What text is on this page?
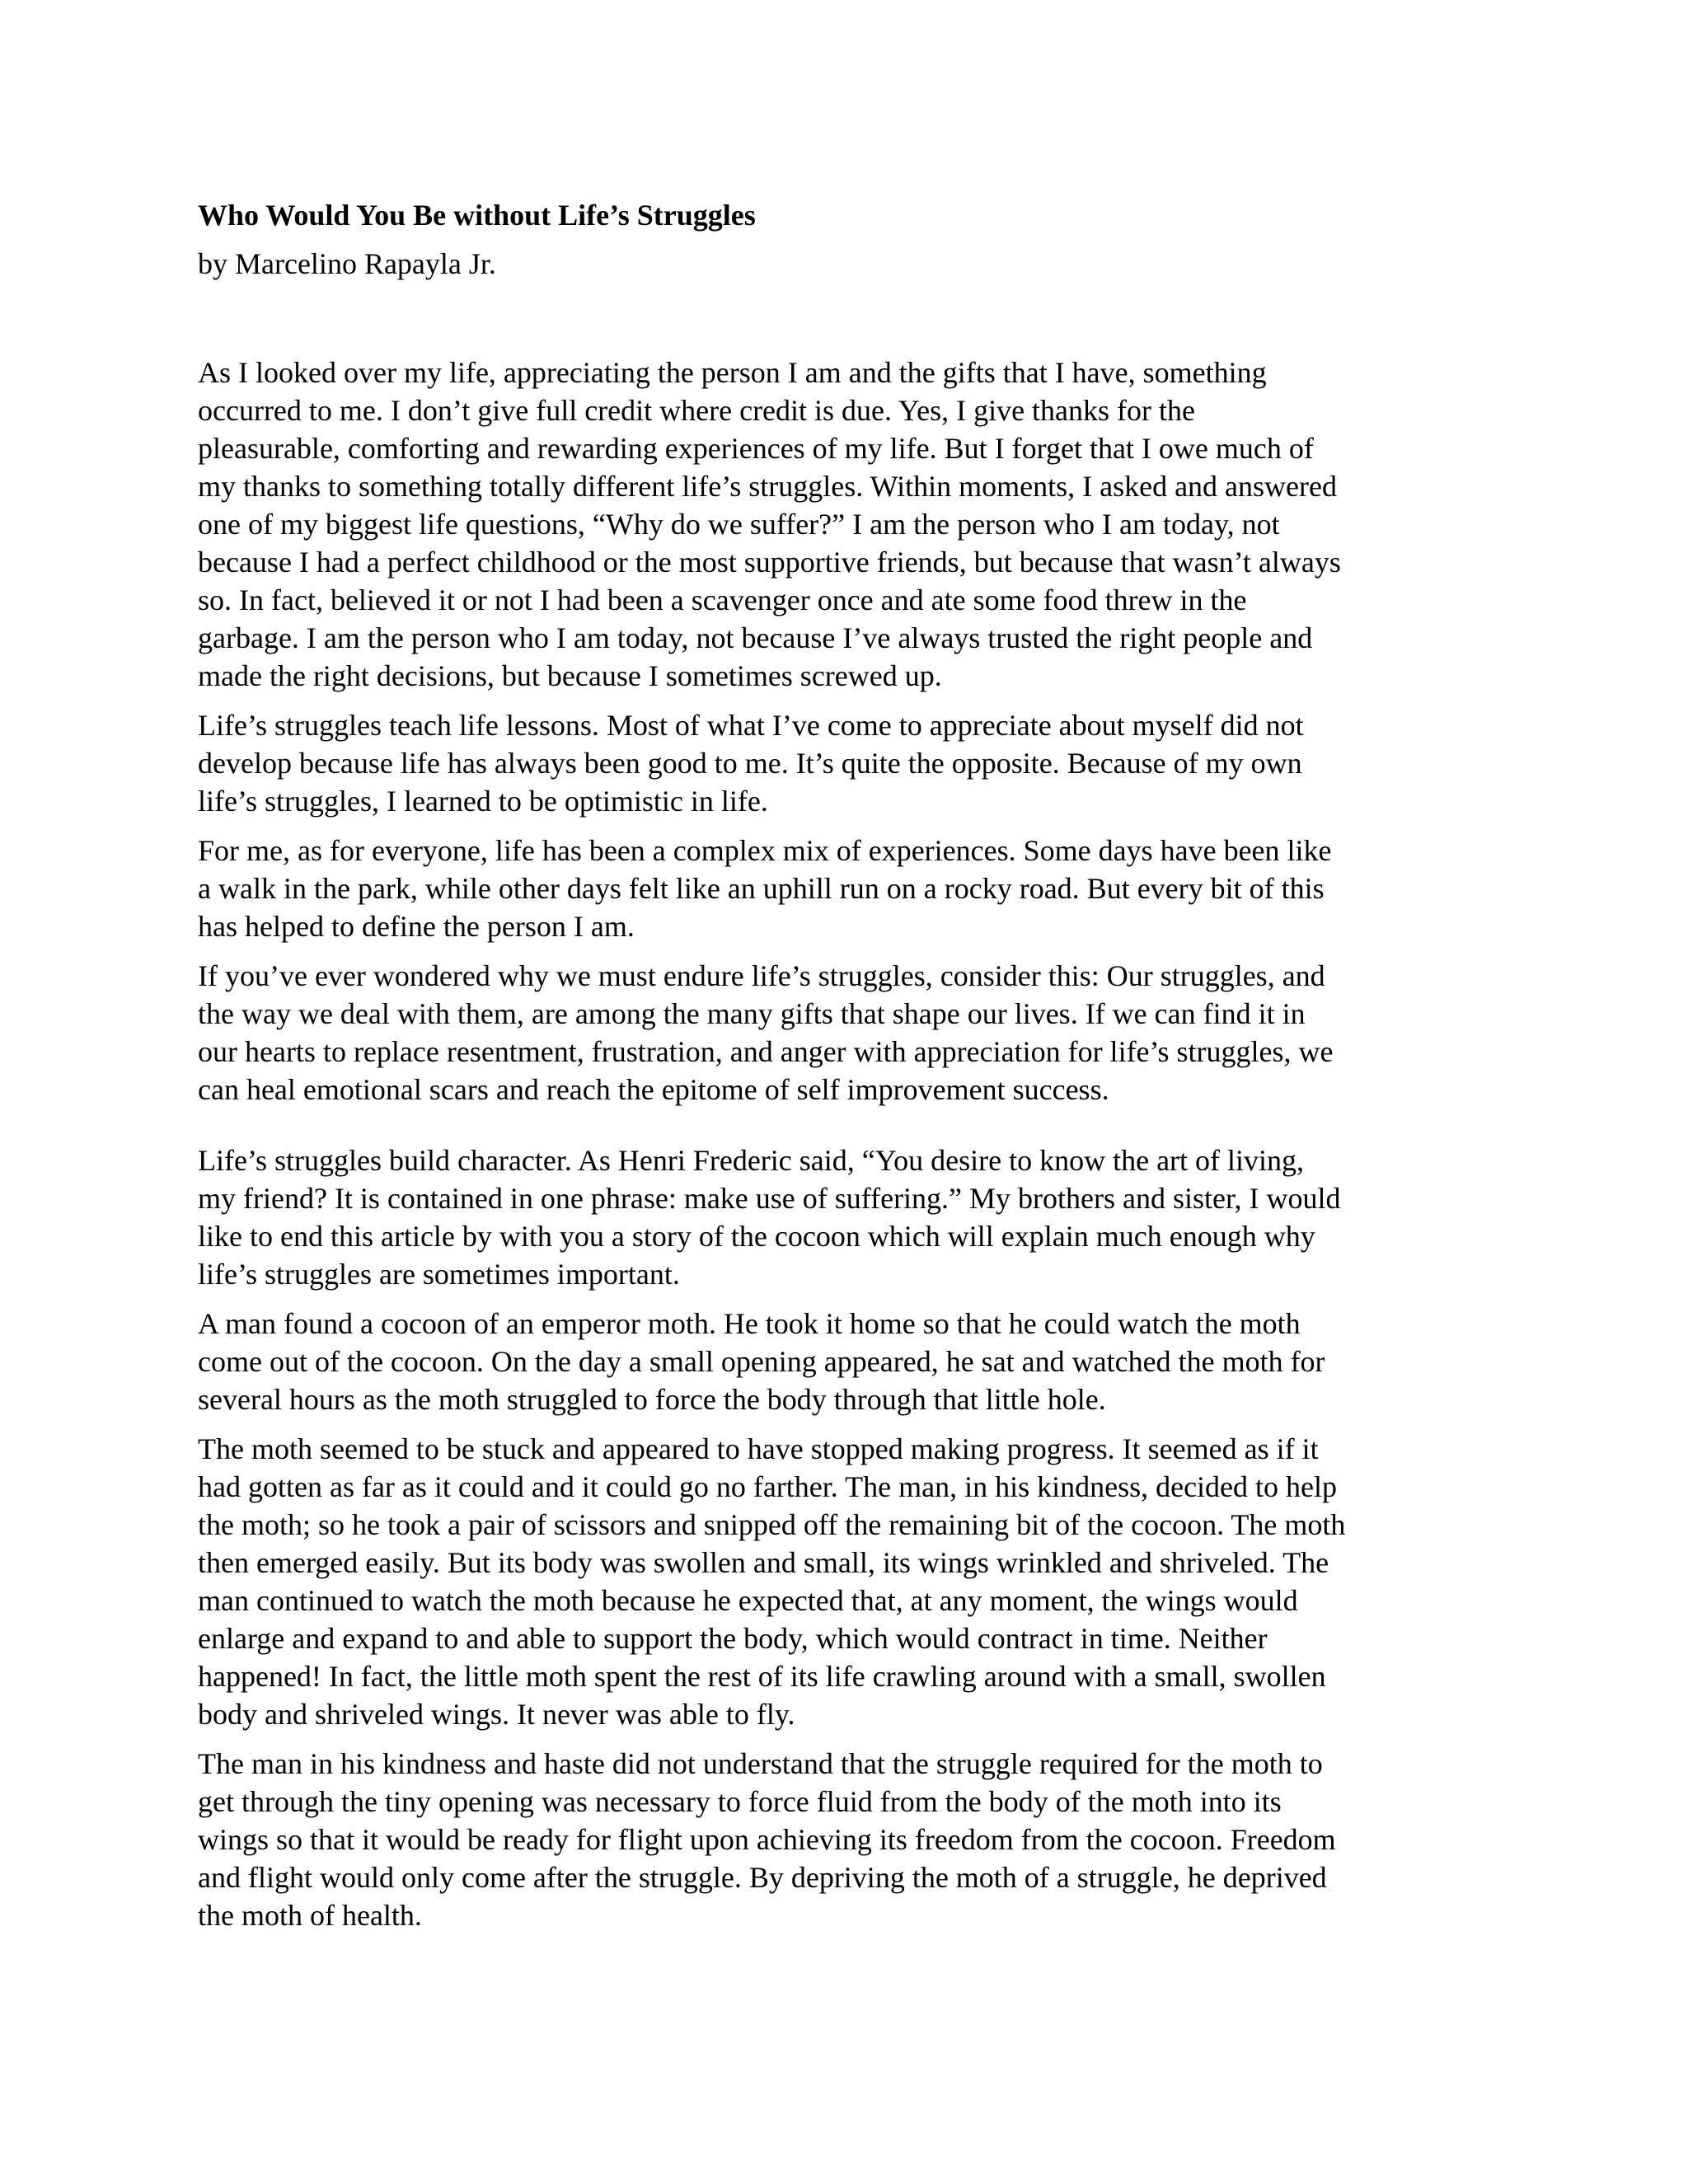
Who Would You Be without Life’s Struggles
by Marcelino Rapayla Jr.

As I looked over my life, appreciating the person I am and the gifts that I have, something
occurred to me. I don’t give full credit where credit is due. Yes, I give thanks for the
pleasurable, comforting and rewarding experiences of my life. But I forget that I owe much of
my thanks to something totally different life’s struggles. Within moments, I asked and answered
one of my biggest life questions, “Why do we suffer?” I am the person who I am today, not
because I had a perfect childhood or the most supportive friends, but because that wasn’t always
so. In fact, believed it or not I had been a scavenger once and ate some food threw in the
garbage. I am the person who I am today, not because I’ve always trusted the right people and
made the right decisions, but because I sometimes screwed up.

Life’s struggles teach life lessons. Most of what I’ve come to appreciate about myself did not
develop because life has always been good to me. It’s quite the opposite. Because of my own
life’s struggles, I learned to be optimistic in life.

For me, as for everyone, life has been a complex mix of experiences. Some days have been like
a walk in the park, while other days felt like an uphill run on a rocky road. But every bit of this
has helped to define the person I am.

If you’ve ever wondered why we must endure life’s struggles, consider this: Our struggles, and
the way we deal with them, are among the many gifts that shape our lives. If we can find it in
our hearts to replace resentment, frustration, and anger with appreciation for life’s struggles, we
can heal emotional scars and reach the epitome of self improvement success.

Life’s struggles build character. As Henri Frederic said, “You desire to know the art of living,
my friend? It is contained in one phrase: make use of suffering.” My brothers and sister, I would
like to end this article by with you a story of the cocoon which will explain much enough why
life’s struggles are sometimes important.

A man found a cocoon of an emperor moth. He took it home so that he could watch the moth
come out of the cocoon. On the day a small opening appeared, he sat and watched the moth for
several hours as the moth struggled to force the body through that little hole.

The moth seemed to be stuck and appeared to have stopped making progress. It seemed as if it
had gotten as far as it could and it could go no farther. The man, in his kindness, decided to help
the moth; so he took a pair of scissors and snipped off the remaining bit of the cocoon. The moth
then emerged easily. But its body was swollen and small, its wings wrinkled and shriveled. The
man continued to watch the moth because he expected that, at any moment, the wings would
enlarge and expand to and able to support the body, which would contract in time. Neither
happened! In fact, the little moth spent the rest of its life crawling around with a small, swollen
body and shriveled wings. It never was able to fly.

The man in his kindness and haste did not understand that the struggle required for the moth to
get through the tiny opening was necessary to force fluid from the body of the moth into its
wings so that it would be ready for flight upon achieving its freedom from the cocoon. Freedom
and flight would only come after the struggle. By depriving the moth of a struggle, he deprived
the moth of health.
